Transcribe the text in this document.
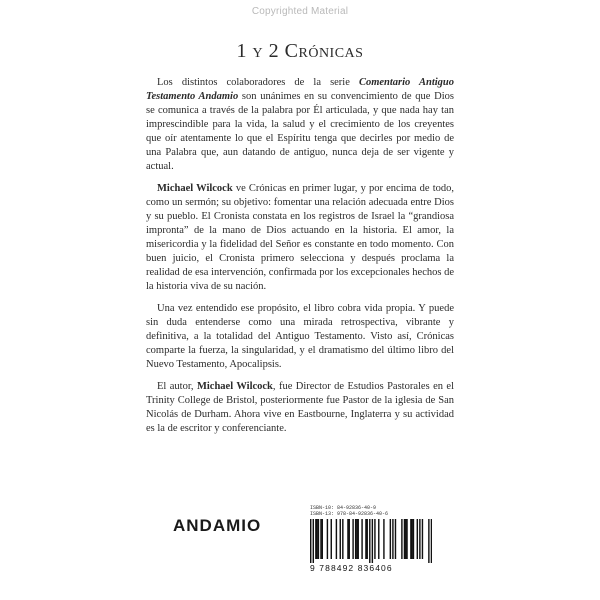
Copyrighted Material
1 y 2 Crónicas

Los distintos colaboradores de la serie Comentario Antiguo Testamento Andamio son unánimes en su convencimiento de que Dios se comunica a través de la palabra por Él articulada, y que nada hay tan imprescindible para la vida, la salud y el crecimiento de los creyentes que oír atentamente lo que el Espíritu tenga que decirles por medio de una Palabra que, aun datando de antiguo, nunca deja de ser vigente y actual.

Michael Wilcock ve Crónicas en primer lugar, y por encima de todo, como un sermón; su objetivo: fomentar una relación adecuada entre Dios y su pueblo. El Cronista constata en los registros de Israel la “grandiosa impronta” de la mano de Dios actuando en la historia. El amor, la misericordia y la fidelidad del Señor es constante en todo momento. Con buen juicio, el Cronista primero selecciona y después proclama la realidad de esa intervención, confirmada por los excepcionales hechos de la historia viva de su nación.

Una vez entendido ese propósito, el libro cobra vida propia. Y puede sin duda entenderse como una mirada retrospectiva, vibrante y definitiva, a la totalidad del Antiguo Testamento. Visto así, Crónicas comparte la fuerza, la singularidad, y el dramatismo del último libro del Nuevo Testamento, Apocalipsis.

El autor, Michael Wilcock, fue Director de Estudios Pastorales en el Trinity College de Bristol, posteriormente fue Pastor de la iglesia de San Nicolás de Durham. Ahora vive en Eastbourne, Inglaterra y su actividad es la de escritor y conferenciante.

ANDAMIO
ISBN-10: 84-92836-40-9
ISBN-13: 978-84-92836-40-6
9 788492 836406
